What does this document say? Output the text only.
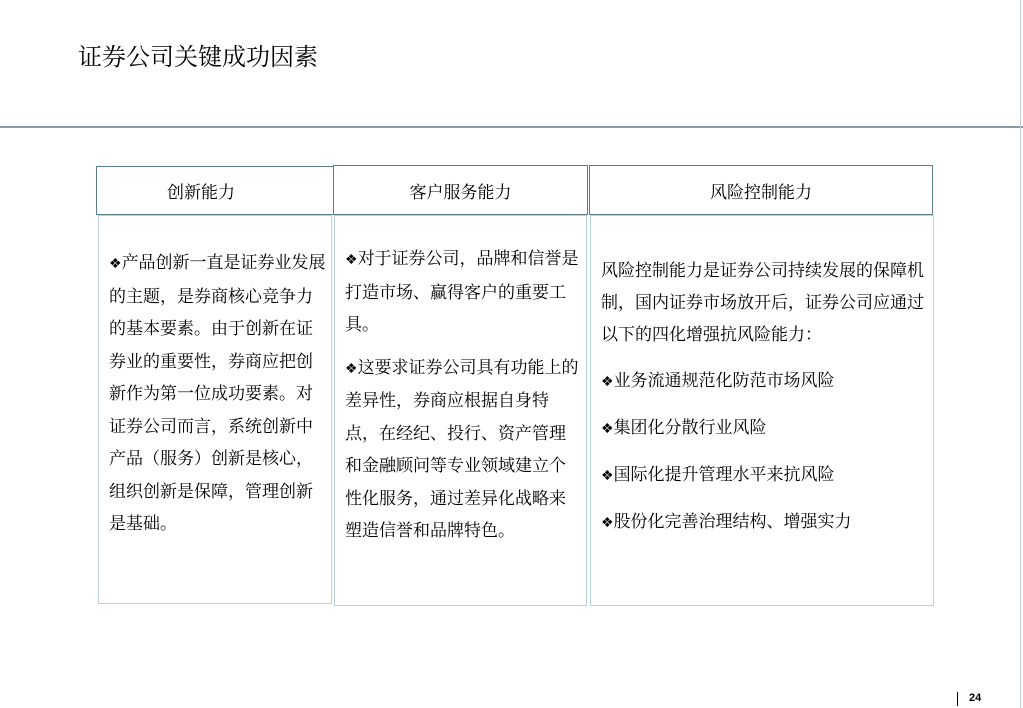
证券公司关键成功因素
创新能力

❖ 产品创新一直是证券业发展的主题，是券商核心竞争力的基本要素。由于创新在证券业的重要性，券商应把创新作为第一位成功要素。对证券公司而言，系统创新中产品（服务）创新是核心，组织创新是保障，管理创新是基础。

客户服务能力

❖ 对于证券公司，品牌和信誉是打造市场、赢得客户的重要工具。

❖ 这要求证券公司具有功能上的差异性，券商应根据自身特点，在经纪、投行、资产管理和金融顾问等专业领域建立个性化服务，通过差异化战略来塑造信誉和品牌特色。

风险控制能力

风险控制能力是证券公司持续发展的保障机制，国内证券市场放开后，证券公司应通过以下的四化增强抗风险能力：

❖ 业务流通规范化防范市场风险

❖ 集团化分散行业风险

❖ 国际化提升管理水平来抗风险

❖ 股份化完善治理结构、增强实力

24
